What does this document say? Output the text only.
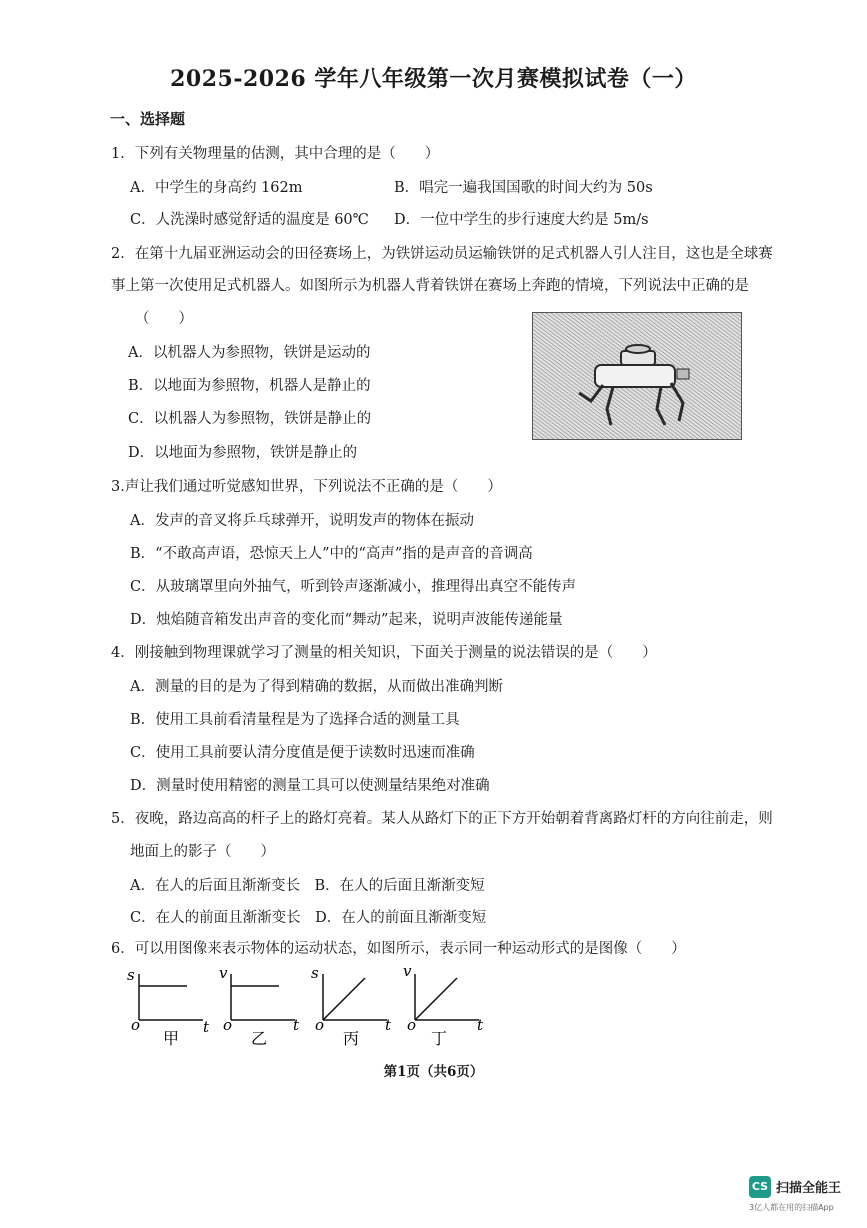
2025-2026 学年八年级第一次月赛模拟试卷（一）
一、选择题
1．下列有关物理量的估测，其中合理的是（　　）
A．中学生的身高约 162m	B．唱完一遍我国国歌的时间大约为 50s
C．人洗澡时感觉舒适的温度是 60℃ D．一位中学生的步行速度大约是 5m/s
2．在第十九届亚洲运动会的田径赛场上，为铁饼运动员运输铁饼的足式机器人引人注目，这也是全球赛
事上第一次使用足式机器人。如图所示为机器人背着铁饼在赛场上奔跑的情境，下列说法中正确的是
（　　）
A．以机器人为参照物，铁饼是运动的
B．以地面为参照物，机器人是静止的
C．以机器人为参照物，铁饼是静止的
D．以地面为参照物，铁饼是静止的
3.声让我们通过听觉感知世界，下列说法不正确的是（　　）
A．发声的音叉将乒乓球弹开，说明发声的物体在振动
B．“不敢高声语，恐惊天上人”中的“高声”指的是声音的音调高
C．从玻璃罩里向外抽气，听到铃声逐渐减小，推理得出真空不能传声
D．烛焰随音箱发出声音的变化而“舞动”起来，说明声波能传递能量
4．刚接触到物理课就学习了测量的相关知识，下面关于测量的说法错误的是（　　）
A．测量的目的是为了得到精确的数据，从而做出准确判断
B．使用工具前看清量程是为了选择合适的测量工具
C．使用工具前要认清分度值是便于读数时迅速而准确
D．测量时使用精密的测量工具可以使测量结果绝对准确
5．夜晚，路边高高的杆子上的路灯亮着。某人从路灯下的正下方开始朝着背离路灯杆的方向往前走，则
地面上的影子（　　）
A．在人的后面且渐渐变长　B．在人的后面且渐渐变短
C．在人的前面且渐渐变长　D．在人的前面且渐渐变短
6．可以用图像来表示物体的运动状态，如图所示，表示同一种运动形式的是图像（　　）
s
o	t
甲
v
o	t
乙
s
o	t
丙
v
o	t
丁
第1页（共6页）
CS 扫描全能王
3亿人都在用的扫描App
